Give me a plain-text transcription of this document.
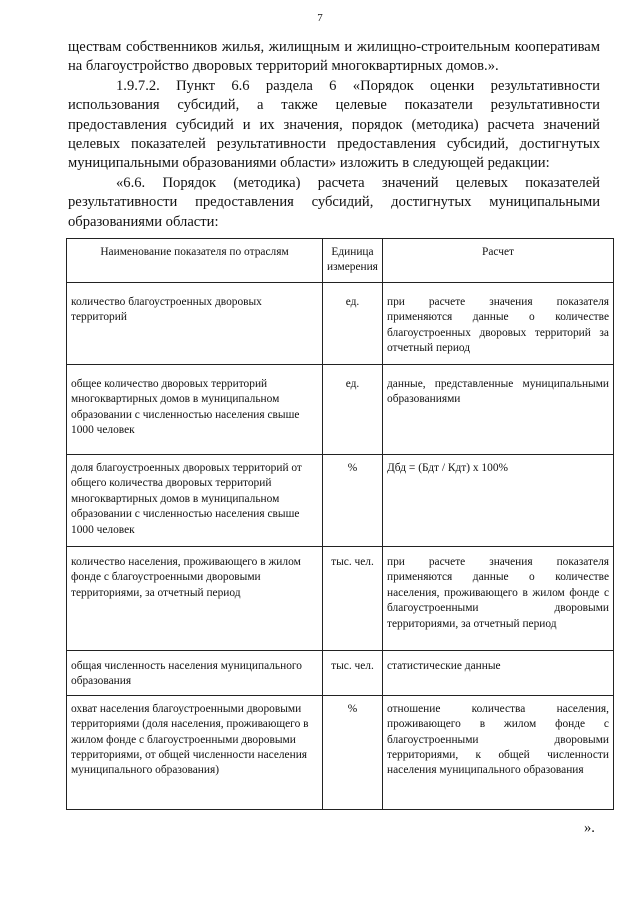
7

ществам собственников жилья, жилищным и жилищно-строительным кооперативам на благоустройство дворовых территорий многоквартирных домов.».

1.9.7.2. Пункт 6.6 раздела 6 «Порядок оценки результативности использования субсидий, а также целевые показатели результативности предоставления субсидий и их значения, порядок (методика) расчета значений целевых показателей результативности предоставления субсидий, достигнутых муниципальными образованиями области» изложить в следующей редакции:

«6.6. Порядок (методика) расчета значений целевых показателей результативности предоставления субсидий, достигнутых муниципальными образованиями области:

Наименование показателя по отраслям	Единица измерения	Расчет
количество благоустроенных дворовых территорий	ед.	при расчете значения показателя применяются данные о количестве благоустроенных дворовых территорий за отчетный период
общее количество дворовых территорий многоквартирных домов в муниципальном образовании с численностью населения свыше 1000 человек	ед.	данные, представленные муниципальными образованиями
доля благоустроенных дворовых территорий от общего количества дворовых территорий многоквартирных домов в муниципальном образовании с численностью населения свыше 1000 человек	%	Дбд = (Бдт / Кдт) х 100%
количество населения, проживающего в жилом фонде с благоустроенными дворовыми территориями, за отчетный период	тыс. чел.	при расчете значения показателя применяются данные о количестве населения, проживающего в жилом фонде с благоустроенными дворовыми территориями, за отчетный период
общая численность населения муниципального образования	тыс. чел.	статистические данные
охват населения благоустроенными дворовыми территориями (доля населения, проживающего в жилом фонде с благоустроенными дворовыми территориями, от общей численности населения муниципального образования)	%	отношение количества населения, проживающего в жилом фонде с благоустроенными дворовыми территориями, к общей численности населения муниципального образования
».
